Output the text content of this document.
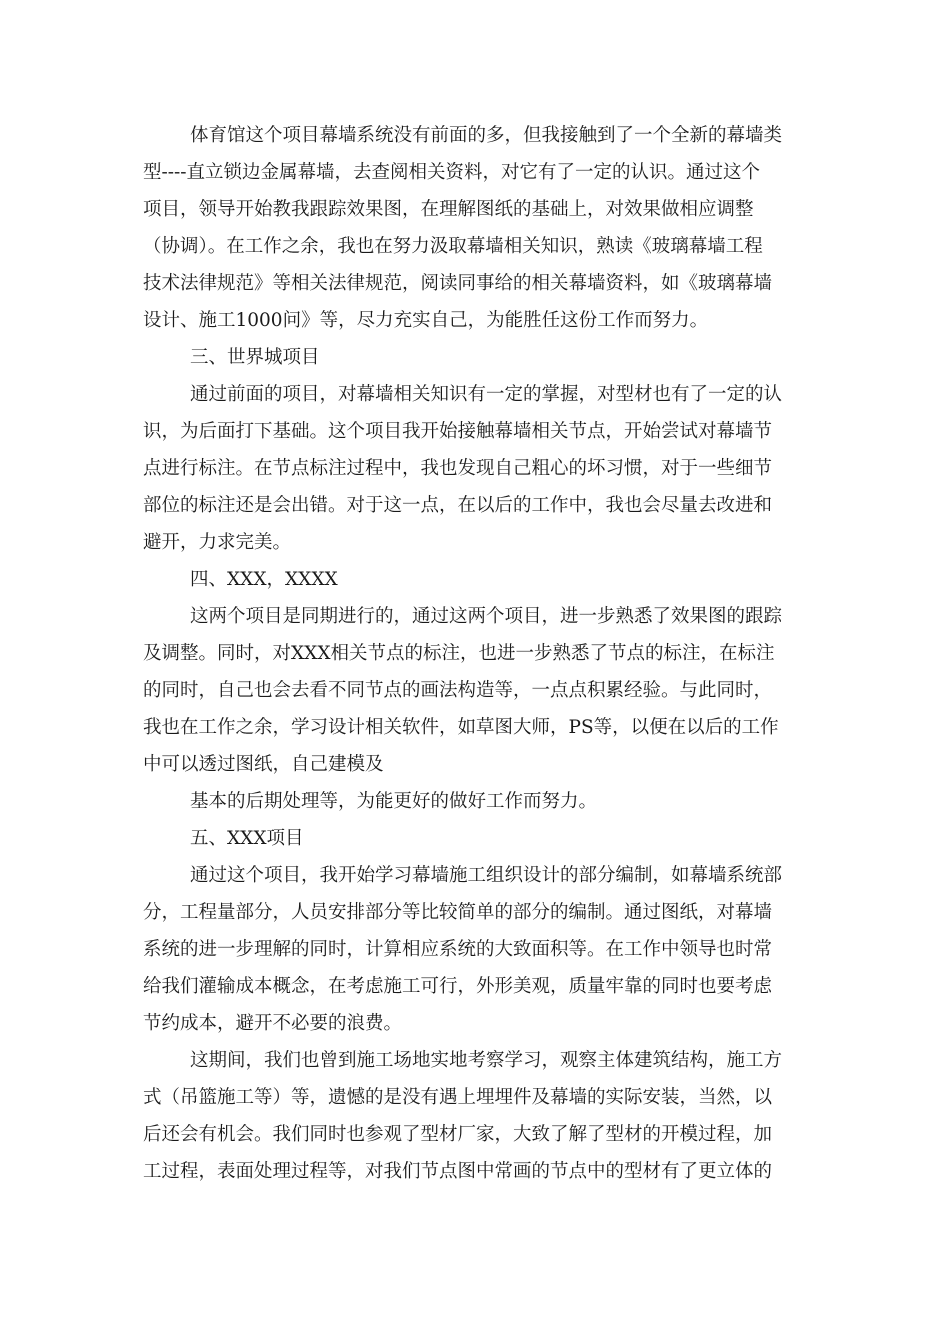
体育馆这个项目幕墙系统没有前面的多，但我接触到了一个全新的幕墙类
型----直立锁边金属幕墙，去查阅相关资料，对它有了一定的认识。通过这个
项目，领导开始教我跟踪效果图，在理解图纸的基础上，对效果做相应调整
（协调）。在工作之余，我也在努力汲取幕墙相关知识，熟读《玻璃幕墙工程
技术法律规范》等相关法律规范，阅读同事给的相关幕墙资料，如《玻璃幕墙
设计、施工1000问》等，尽力充实自己，为能胜任这份工作而努力。
三、世界城项目
通过前面的项目，对幕墙相关知识有一定的掌握，对型材也有了一定的认
识，为后面打下基础。这个项目我开始接触幕墙相关节点，开始尝试对幕墙节
点进行标注。在节点标注过程中，我也发现自己粗心的坏习惯，对于一些细节
部位的标注还是会出错。对于这一点，在以后的工作中，我也会尽量去改进和
避开，力求完美。
四、XXX，XXXX
这两个项目是同期进行的，通过这两个项目，进一步熟悉了效果图的跟踪
及调整。同时，对XXX相关节点的标注，也进一步熟悉了节点的标注，在标注
的同时，自己也会去看不同节点的画法构造等，一点点积累经验。与此同时，
我也在工作之余，学习设计相关软件，如草图大师，PS等，以便在以后的工作
中可以透过图纸，自己建模及
基本的后期处理等，为能更好的做好工作而努力。
五、XXX项目
通过这个项目，我开始学习幕墙施工组织设计的部分编制，如幕墙系统部
分，工程量部分，人员安排部分等比较简单的部分的编制。通过图纸，对幕墙
系统的进一步理解的同时，计算相应系统的大致面积等。在工作中领导也时常
给我们灌输成本概念，在考虑施工可行，外形美观，质量牢靠的同时也要考虑
节约成本，避开不必要的浪费。
这期间，我们也曾到施工场地实地考察学习，观察主体建筑结构，施工方
式（吊篮施工等）等，遗憾的是没有遇上埋埋件及幕墙的实际安装，当然，以
后还会有机会。我们同时也参观了型材厂家，大致了解了型材的开模过程，加
工过程，表面处理过程等，对我们节点图中常画的节点中的型材有了更立体的
